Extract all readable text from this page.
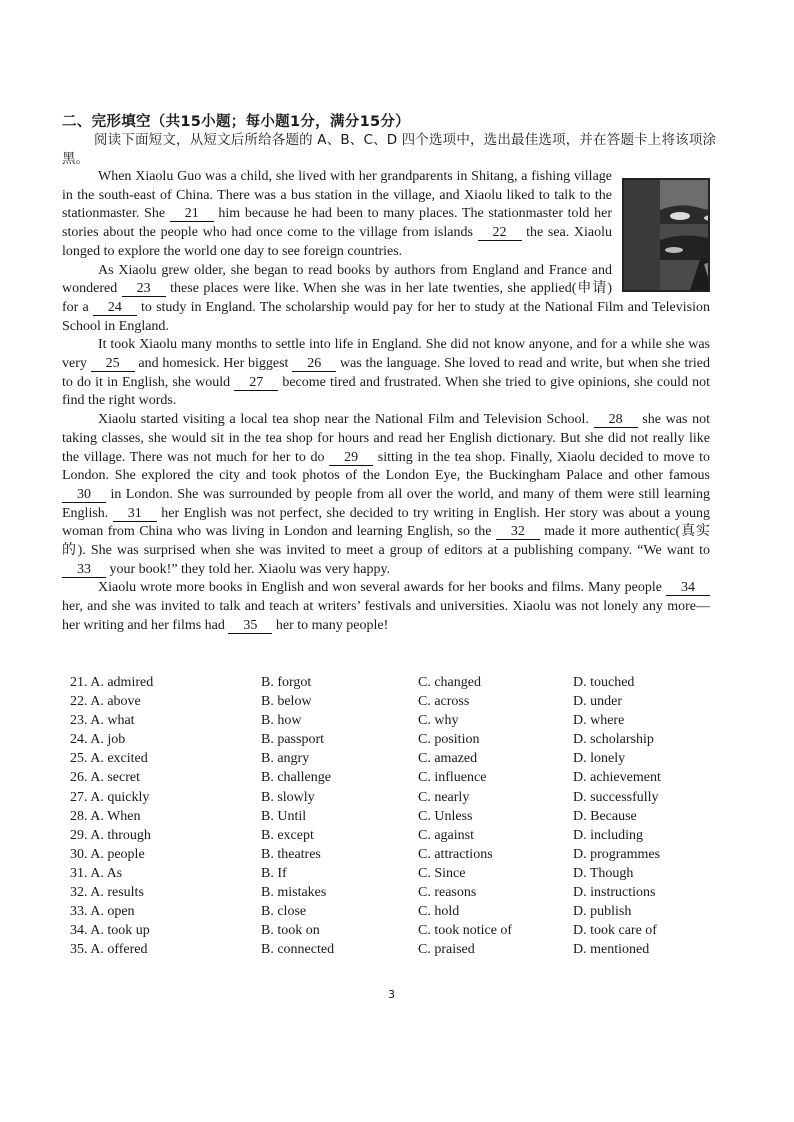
二、完形填空（共15小题；每小题1分，满分15分）
阅读下面短文，从短文后所给各题的 A、B、C、D 四个选项中，选出最佳选项，并在答题卡上将该项涂黑。

When Xiaolu Guo was a child, she lived with her grandparents in Shitang, a fishing village in the south-east of China. There was a bus station in the village, and Xiaolu liked to talk to the stationmaster. She 21 him because he had been to many places. The stationmaster told her stories about the people who had once come to the village from islands 22 the sea. Xiaolu longed to explore the world one day to see foreign countries.

As Xiaolu grew older, she began to read books by authors from England and France and wondered 23 these places were like. When she was in her late twenties, she applied(申请) for a 24 to study in England. The scholarship would pay for her to study at the National Film and Television School in England.

It took Xiaolu many months to settle into life in England. She did not know anyone, and for a while she was very 25 and homesick. Her biggest 26 was the language. She loved to read and write, but when she tried to do it in English, she would 27 become tired and frustrated. When she tried to give opinions, she could not find the right words.

Xiaolu started visiting a local tea shop near the National Film and Television School. 28 she was not taking classes, she would sit in the tea shop for hours and read her English dictionary. But she did not really like the village. There was not much for her to do 29 sitting in the tea shop. Finally, Xiaolu decided to move to London. She explored the city and took photos of the London Eye, the Buckingham Palace and other famous 30 in London. She was surrounded by people from all over the world, and many of them were still learning English. 31 her English was not perfect, she decided to try writing in English. Her story was about a young woman from China who was living in London and learning English, so the 32 made it more authentic(真实的). She was surprised when she was invited to meet a group of editors at a publishing company. “We want to 33 your book!” they told her. Xiaolu was very happy.

Xiaolu wrote more books in English and won several awards for her books and films. Many people 34 her, and she was invited to talk and teach at writers’ festivals and universities. Xiaolu was not lonely any more—her writing and her films had 35 her to many people!

21. A. admired	B. forgot	C. changed	D. touched
22. A. above	B. below	C. across	D. under
23. A. what	B. how	C. why	D. where
24. A. job	B. passport	C. position	D. scholarship
25. A. excited	B. angry	C. amazed	D. lonely
26. A. secret	B. challenge	C. influence	D. achievement
27. A. quickly	B. slowly	C. nearly	D. successfully
28. A. When	B. Until	C. Unless	D. Because
29. A. through	B. except	C. against	D. including
30. A. people	B. theatres	C. attractions	D. programmes
31. A. As	B. If	C. Since	D. Though
32. A. results	B. mistakes	C. reasons	D. instructions
33. A. open	B. close	C. hold	D. publish
34. A. took up	B. took on	C. took notice of	D. took care of
35. A. offered	B. connected	C. praised	D. mentioned
3
